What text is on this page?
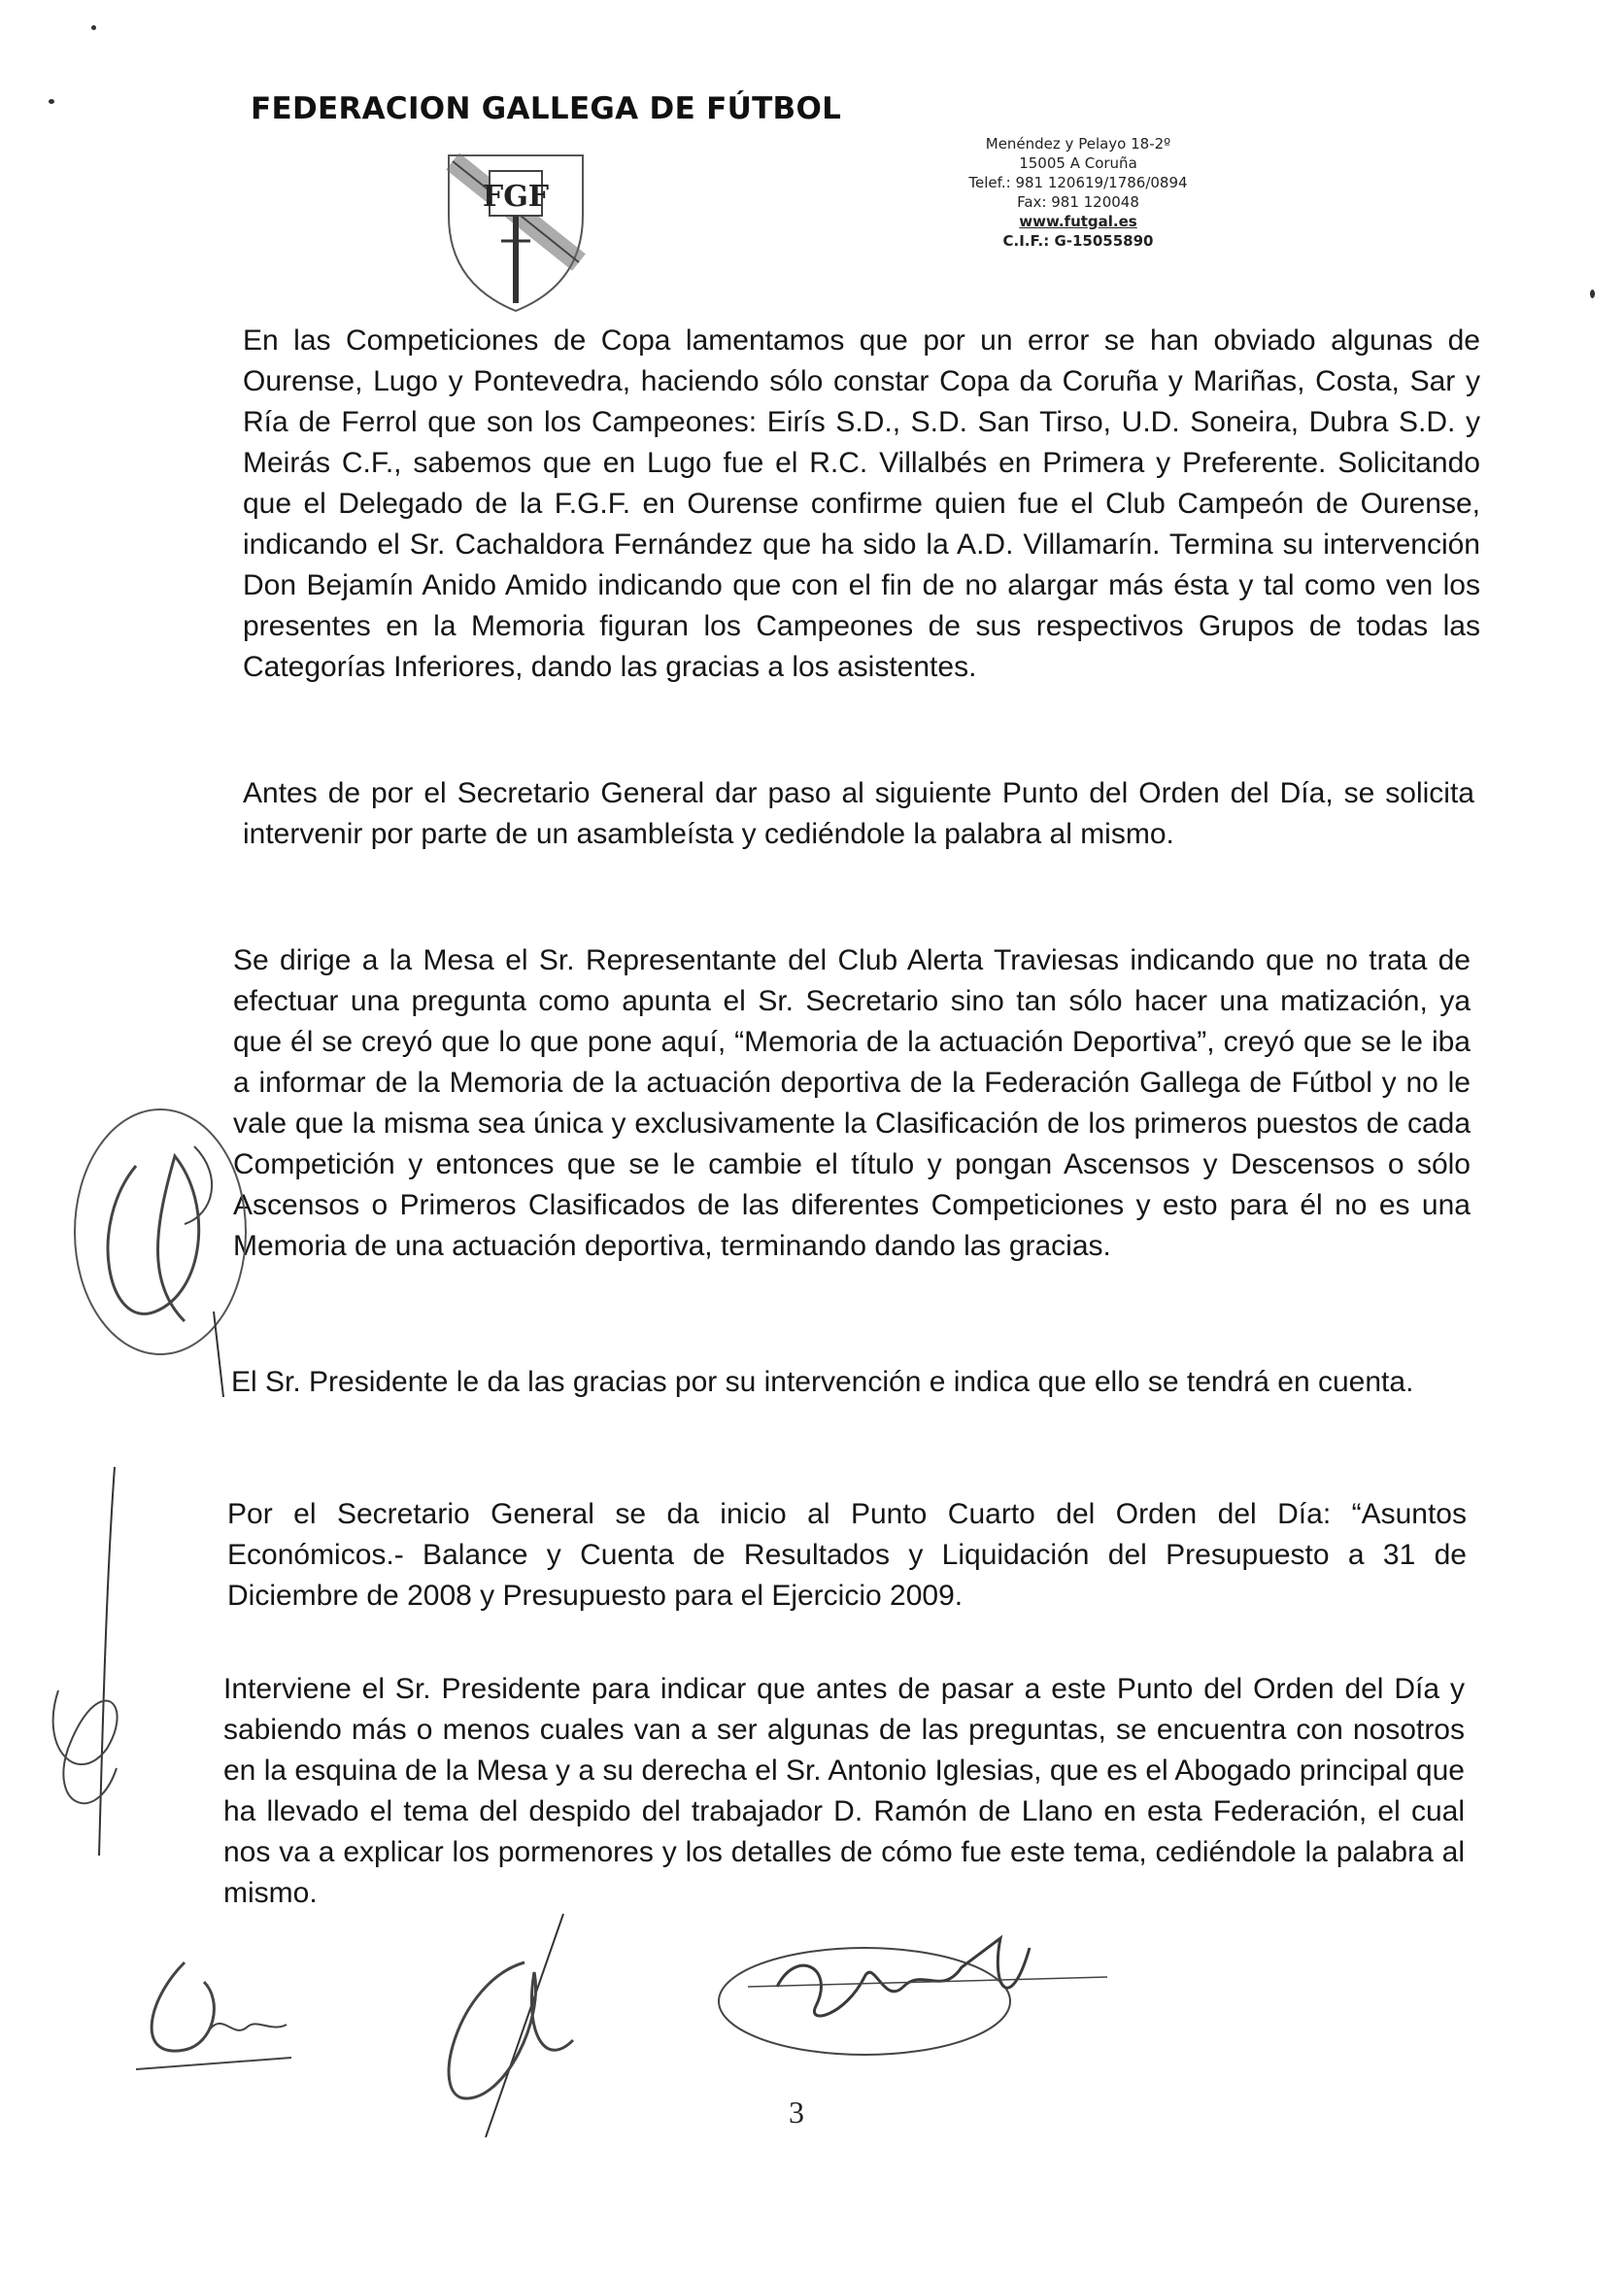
FEDERACION GALLEGA DE FÚTBOL
FGF
Menéndez y Pelayo 18-2º
15005 A Coruña
Telef.: 981 120619/1786/0894
Fax: 981 120048
www.futgal.es
C.I.F.: G-15055890

En las Competiciones de Copa lamentamos que por un error se han obviado algunas de Ourense, Lugo y Pontevedra, haciendo sólo constar Copa da Coruña y Mariñas, Costa, Sar y Ría de Ferrol que son los Campeones: Eirís S.D., S.D. San Tirso, U.D. Soneira, Dubra S.D. y Meirás C.F., sabemos que en Lugo fue el R.C. Villalbés en Primera y Preferente. Solicitando que el Delegado de la F.G.F. en Ourense confirme quien fue el Club Campeón de Ourense, indicando el Sr. Cachaldora Fernández que ha sido la A.D. Villamarín. Termina su intervención Don Bejamín Anido Amido indicando que con el fin de no alargar más ésta y tal como ven los presentes en la Memoria figuran los Campeones de sus respectivos Grupos de todas las Categorías Inferiores, dando las gracias a los asistentes.

Antes de por el Secretario General dar paso al siguiente Punto del Orden del Día, se solicita intervenir por parte de un asambleísta y cediéndole la palabra al mismo.

Se dirige a la Mesa el Sr. Representante del Club Alerta Traviesas indicando que no trata de efectuar una pregunta como apunta el Sr. Secretario sino tan sólo hacer una matización, ya que él se creyó que lo que pone aquí, “Memoria de la actuación Deportiva”, creyó que se le iba a informar de la Memoria de la actuación deportiva de la Federación Gallega de Fútbol y no le vale que la misma sea única y exclusivamente la Clasificación de los primeros puestos de cada Competición y entonces que se le cambie el título y pongan Ascensos y Descensos o sólo Ascensos o Primeros Clasificados de las diferentes Competiciones y esto para él no es una Memoria de una actuación deportiva, terminando dando las gracias.

El Sr. Presidente le da las gracias por su intervención e indica que ello se tendrá en cuenta.

Por el Secretario General se da inicio al Punto Cuarto del Orden del Día: “Asuntos Económicos.- Balance y Cuenta de Resultados y Liquidación del Presupuesto a 31 de Diciembre de 2008 y Presupuesto para el Ejercicio 2009.

Interviene el Sr. Presidente para indicar que antes de pasar a este Punto del Orden del Día y sabiendo más o menos cuales van a ser algunas de las preguntas, se encuentra con nosotros en la esquina de la Mesa y a su derecha el Sr. Antonio Iglesias, que es el Abogado principal que ha llevado el tema del despido del trabajador D. Ramón de Llano en esta Federación, el cual nos va a explicar los pormenores y los detalles de cómo fue este tema, cediéndole la palabra al mismo.

3
